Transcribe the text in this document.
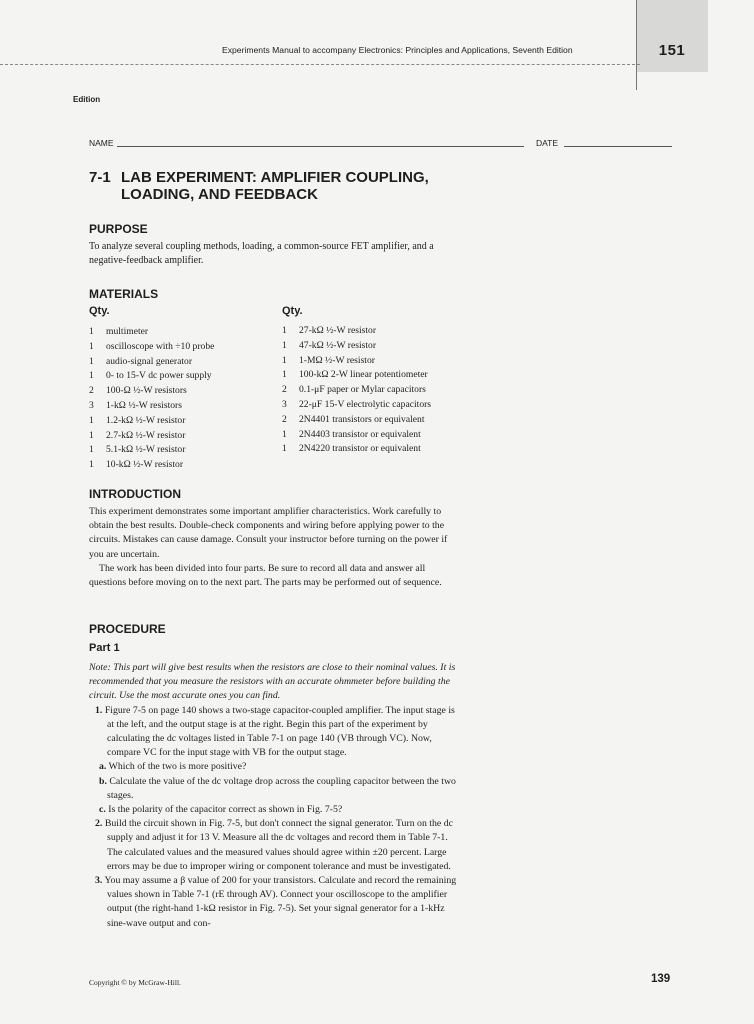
151
Experiments Manual to accompany Electronics: Principles and Applications, Seventh Edition
Edition
NAME	DATE
7-1 LAB EXPERIMENT: AMPLIFIER COUPLING, LOADING, AND FEEDBACK
PURPOSE
To analyze several coupling methods, loading, a common-source FET amplifier, and a negative-feedback amplifier.
MATERIALS
Qty.	Qty.
1	multimeter
1	oscilloscope with ÷10 probe
1	audio-signal generator
1	0- to 15-V dc power supply
2	100-Ω ½-W resistors
3	1-kΩ ½-W resistors
1	1.2-kΩ ½-W resistor
1	2.7-kΩ ½-W resistor
1	5.1-kΩ ½-W resistor
1	10-kΩ ½-W resistor
1	27-kΩ ½-W resistor
1	47-kΩ ½-W resistor
1	1-MΩ ½-W resistor
1	100-kΩ 2-W linear potentiometer
2	0.1-μF paper or Mylar capacitors
3	22-μF 15-V electrolytic capacitors
2	2N4401 transistors or equivalent
1	2N4403 transistor or equivalent
1	2N4220 transistor or equivalent
INTRODUCTION

This experiment demonstrates some important amplifier characteristics. Work carefully to obtain the best results. Double-check components and wiring before applying power to the circuits. Mistakes can cause damage. Consult your instructor before turning on the power if you are uncertain.

The work has been divided into four parts. Be sure to record all data and answer all questions before moving on to the next part. The parts may be performed out of sequence.

PROCEDURE
Part 1

Note: This part will give best results when the resistors are close to their nominal values. It is recommended that you measure the resistors with an accurate ohmmeter before building the circuit. Use the most accurate ones you can find.

1. Figure 7-5 on page 140 shows a two-stage capacitor-coupled amplifier. The input stage is at the left, and the output stage is at the right. Begin this part of the experiment by calculating the dc voltages listed in Table 7-1 on page 140 (VB through VC). Now, compare VC for the input stage with VB for the output stage.

a. Which of the two is more positive?

b. Calculate the value of the dc voltage drop across the coupling capacitor between the two stages.

c. Is the polarity of the capacitor correct as shown in Fig. 7-5?

2. Build the circuit shown in Fig. 7-5, but don't connect the signal generator. Turn on the dc supply and adjust it for 13 V. Measure all the dc voltages and record them in Table 7-1. The calculated values and the measured values should agree within ±20 percent. Large errors may be due to improper wiring or component tolerance and must be investigated.

3. You may assume a β value of 200 for your transistors. Calculate and record the remaining values shown in Table 7-1 (rE through AV). Connect your oscilloscope to the amplifier output (the right-hand 1-kΩ resistor in Fig. 7-5). Set your signal generator for a 1-kHz sine-wave output and con-

Copyright © by McGraw-Hill.	139
